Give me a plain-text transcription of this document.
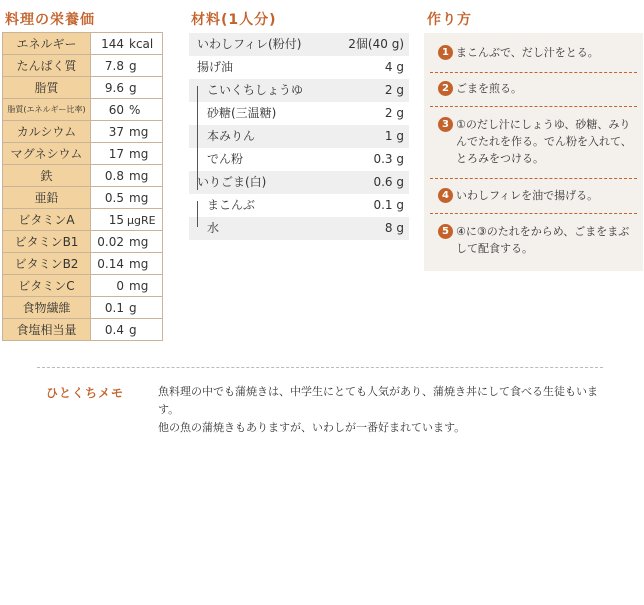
料理の栄養価	材料(1人分)	作り方
エネルギー	144 kcal
たんぱく質	7.8 g
脂質	9.6 g
脂質(エネルギー比率)	60 %
カルシウム	37 mg
マグネシウム	17 mg
鉄	0.8 mg
亜鉛	0.5 mg
ビタミンA	15 μgRE
ビタミンB1	0.02 mg
ビタミンB2	0.14 mg
ビタミンC	0 mg
食物繊維	0.1 g
食塩相当量	0.4 g
いわしフィレ(粉付)	2個(40 g)
揚げ油	4 g
こいくちしょうゆ	2 g
砂糖(三温糖)	2 g
本みりん	1 g
でん粉	0.3 g
いりごま(白)	0.6 g
まこんぶ	0.1 g
水	8 g
1 まこんぶで、だし汁をとる。
2 ごまを煎る。
3 ①のだし汁にしょうゆ、砂糖、みりんでたれを作る。でん粉を入れて、とろみをつける。
4 いわしフィレを油で揚げる。
5 ④に③のたれをからめ、ごまをまぶして配食する。
ひとくちメモ	魚料理の中でも蒲焼きは、中学生にとても人気があり、蒲焼き丼にして食べる生徒もいます。
他の魚の蒲焼きもありますが、いわしが一番好まれています。
